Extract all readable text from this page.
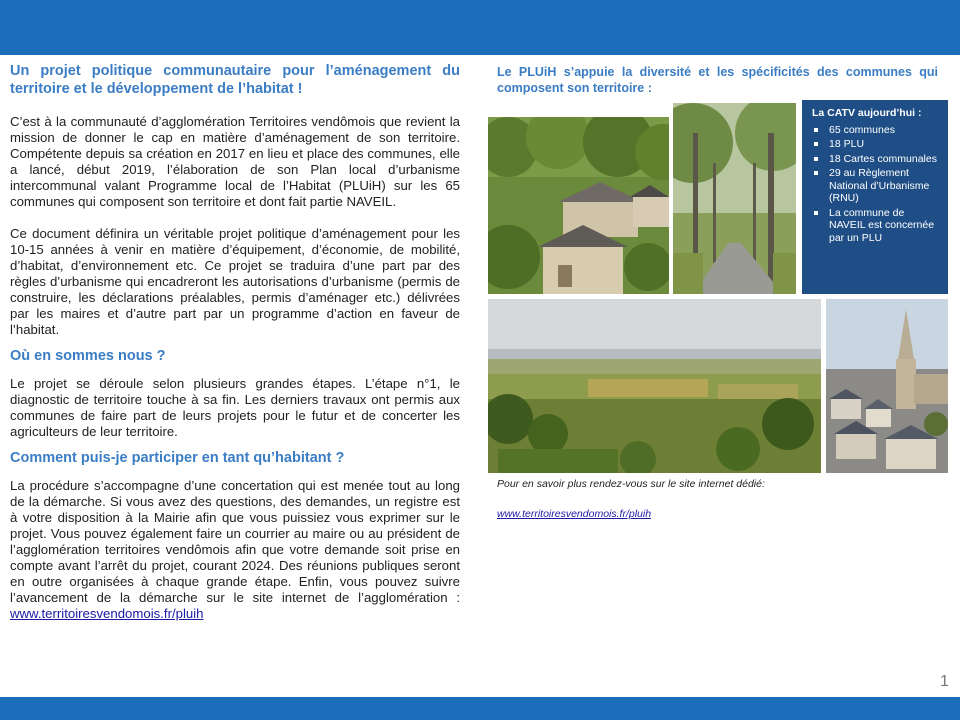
Un projet politique communautaire pour l’aménagement du territoire et le développement de l’habitat !

C’est à la communauté d’agglomération Territoires vendômois que revient la mission de donner le cap en matière d’aménagement de son territoire. Compétente depuis sa création en 2017 en lieu et place des communes, elle a lancé, début 2019, l’élaboration de son Plan local d’urbanisme intercommunal valant Programme local de l’Habitat (PLUiH) sur les 65 communes qui composent son territoire et dont fait partie NAVEIL.

Ce document définira un véritable projet politique d’aménagement pour les 10-15 années à venir en matière d’équipement, d’économie, de mobilité, d’habitat, d’environnement etc. Ce projet se traduira d’une part par des règles d’urbanisme qui encadreront les autorisations d’urbanisme (permis de construire, les déclarations préalables, permis d’aménager etc.) délivrées par les maires et d’autre part par un programme d’action en faveur de l’habitat.

Où en sommes nous ?

Le projet se déroule selon plusieurs grandes étapes. L’étape n°1, le diagnostic de territoire touche à sa fin. Les derniers travaux ont permis aux communes de faire part de leurs projets pour le futur et de concerter les agriculteurs de leur territoire.

Comment puis-je participer en tant qu’habitant ?

La procédure s’accompagne d’une concertation qui est menée tout au long de la démarche. Si vous avez des questions, des demandes, un registre est à votre disposition à la Mairie afin que vous puissiez vous exprimer sur le projet. Vous pouvez également faire un courrier au maire ou au président de l’agglomération territoires vendômois afin que votre demande soit prise en compte avant l’arrêt du projet, courant 2024. Des réunions publiques seront en outre organisées à chaque grande étape. Enfin, vous pouvez suivre l’avancement de la démarche sur le site internet de l’agglomération : www.territoiresvendomois.fr/pluih

Le PLUiH s’appuie la diversité et les spécificités des communes qui composent son territoire :
La CATV aujourd’hui :
65 communes
18 PLU
18 Cartes communales
29 au Règlement National d’Urbanisme (RNU)
La commune de NAVEIL est concernée par un PLU
Pour en savoir plus rendez-vous sur le site internet dédié:
www.territoiresvendomois.fr/pluih
1
